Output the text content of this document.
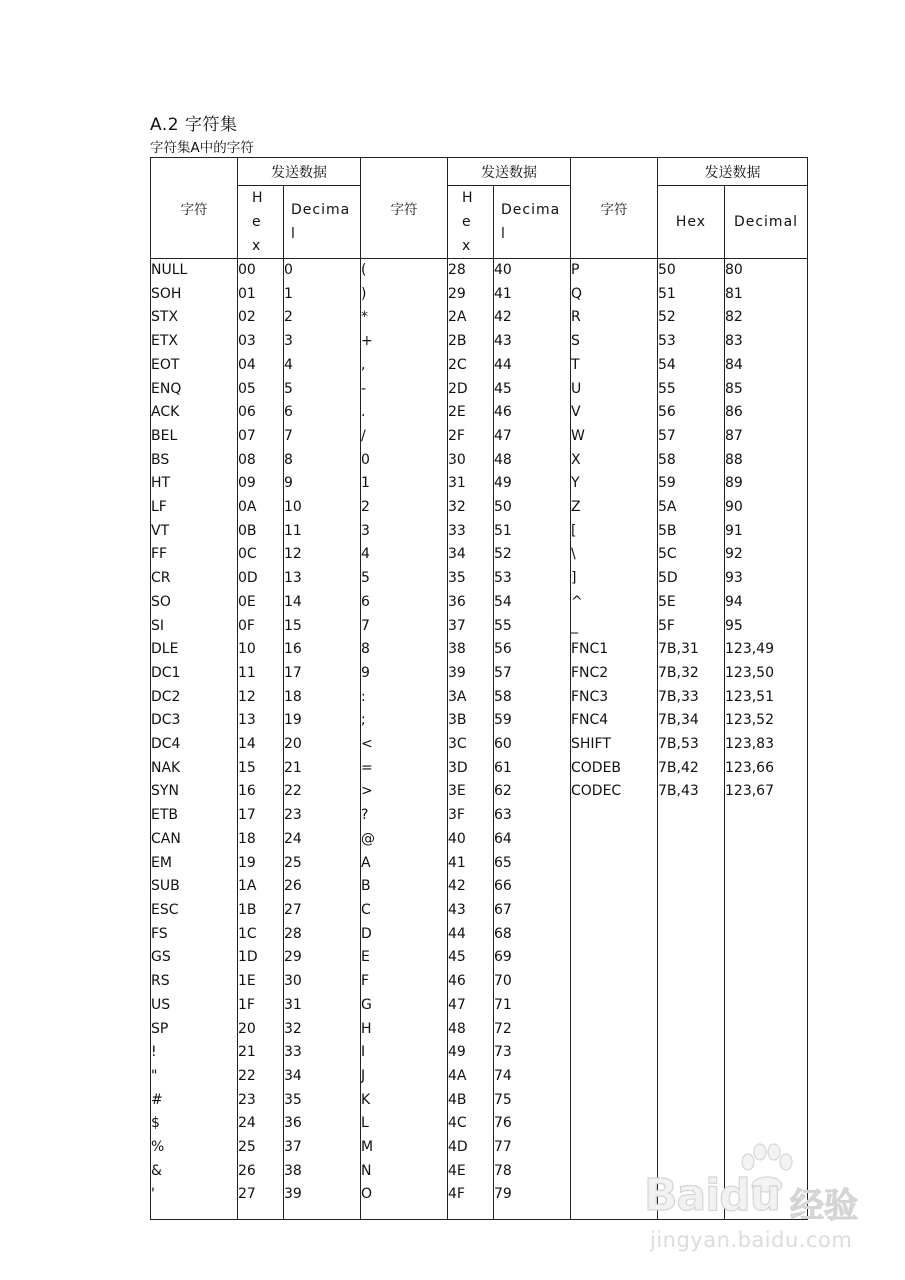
A.2 字符集
字符集A中的字符
字符	发送数据		字符	发送数据		字符	发送数据	

	He x	Decima l		He x	Decima l		Hex	Decimal

NULL	00	0	(	28	40	P	50	80
SOH	01	1	)	29	41	Q	51	81
STX	02	2	*	2A	42	R	52	82
ETX	03	3	+	2B	43	S	53	83
EOT	04	4	,	2C	44	T	54	84
ENQ	05	5	-	2D	45	U	55	85
ACK	06	6	.	2E	46	V	56	86
BEL	07	7	/	2F	47	W	57	87
BS	08	8	0	30	48	X	58	88
HT	09	9	1	31	49	Y	59	89
LF	0A	10	2	32	50	Z	5A	90
VT	0B	11	3	33	51	[	5B	91
FF	0C	12	4	34	52	\	5C	92
CR	0D	13	5	35	53	]	5D	93
SO	0E	14	6	36	54	^	5E	94
SI	0F	15	7	37	55	_	5F	95
DLE	10	16	8	38	56	FNC1	7B,31	123,49
DC1	11	17	9	39	57	FNC2	7B,32	123,50
DC2	12	18	:	3A	58	FNC3	7B,33	123,51
DC3	13	19	;	3B	59	FNC4	7B,34	123,52
DC4	14	20	<	3C	60	SHIFT	7B,53	123,83
NAK	15	21	=	3D	61	CODEB	7B,42	123,66
SYN	16	22	>	3E	62	CODEC	7B,43	123,67
ETB	17	23	?	3F	63			
CAN	18	24	@	40	64			
EM	19	25	A	41	65			
SUB	1A	26	B	42	66			
ESC	1B	27	C	43	67			
FS	1C	28	D	44	68			
GS	1D	29	E	45	69			
RS	1E	30	F	46	70			
US	1F	31	G	47	71			
SP	20	32	H	48	72			
!	21	33	I	49	73			
"	22	34	J	4A	74			
#	23	35	K	4B	75			
$	24	36	L	4C	76			
%	25	37	M	4D	77			
&	26	38	N	4E	78			
'	27	39	O	4F	79			
									Baidu 经验
jingyan.baidu.com
